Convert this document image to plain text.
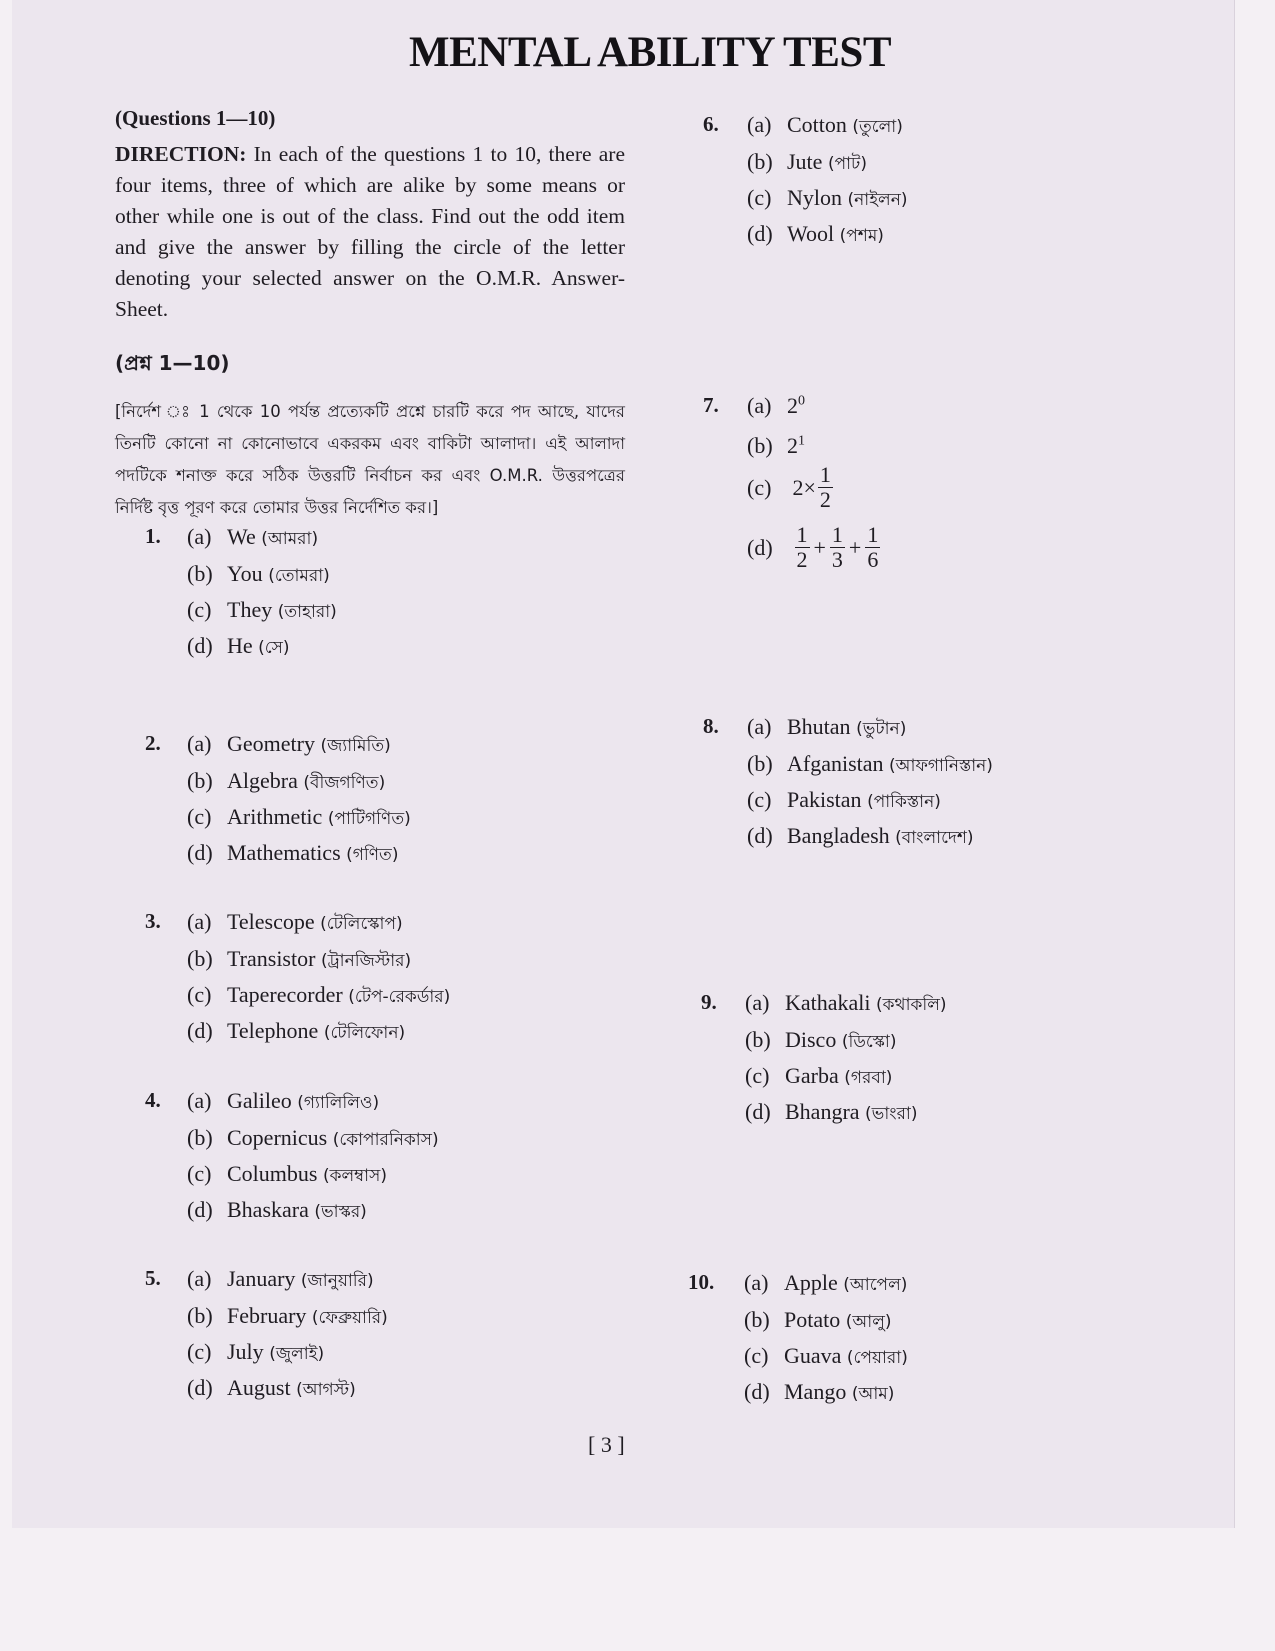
MENTAL ABILITY TEST
(Questions 1—10)

DIRECTION: In each of the questions 1 to 10, there are four items, three of which are alike by some means or other while one is out of the class. Find out the odd item and give the answer by filling the circle of the letter denoting your selected answer on the O.M.R. Answer-Sheet.

(প্রশ্ন 1—10)

[নির্দেশ ঃ 1 থেকে 10 পর্যন্ত প্রত্যেকটি প্রশ্নে চারটি করে পদ আছে, যাদের তিনটি কোনো না কোনোভাবে একরকম এবং বাকিটা আলাদা। এই আলাদা পদটিকে শনাক্ত করে সঠিক উত্তরটি নির্বাচন কর এবং O.M.R. উত্তরপত্রের নির্দিষ্ট বৃত্ত পূরণ করে তোমার উত্তর নির্দেশিত কর।]

1. (a) We (আমরা)
(b) You (তোমরা)
(c) They (তাহারা)
(d) He (সে)
2. (a) Geometry (জ্যামিতি)
(b) Algebra (বীজগণিত)
(c) Arithmetic (পাটিগণিত)
(d) Mathematics (গণিত)
3. (a) Telescope (টেলিস্কোপ)
(b) Transistor (ট্রানজিস্টার)
(c) Taperecorder (টেপ-রেকর্ডার)
(d) Telephone (টেলিফোন)
4. (a) Galileo (গ্যালিলিও)
(b) Copernicus (কোপারনিকাস)
(c) Columbus (কলম্বাস)
(d) Bhaskara (ভাস্কর)
5. (a) January (জানুয়ারি)
(b) February (ফেব্রুয়ারি)
(c) July (জুলাই)
(d) August (আগস্ট)
6. (a) Cotton (তুলো)
(b) Jute (পাট)
(c) Nylon (নাইলন)
(d) Wool (পশম)
7. (a) $2^0$
(b) $2^1$
(c) $2\times \frac{1}{2}$
$(d) \frac{1}{2} + \frac{1}{3} + \frac{1}{6}$
8. (a) Bhutan (ভুটান)
(b) Afganistan (আফগানিস্তান)
(c) Pakistan (পাকিস্তান)
(d) Bangladesh (বাংলাদেশ)
9. (a) Kathakali (কথাকলি)
(b) Disco (ডিস্কো)
(c) Garba (গরবা)
(d) Bhangra (ভাংরা)
10. (a) Apple (আপেল)
(b) Potato (আলু)
(c) Guava (পেয়ারা)
(d) Mango (আম)
[ 3 ]
